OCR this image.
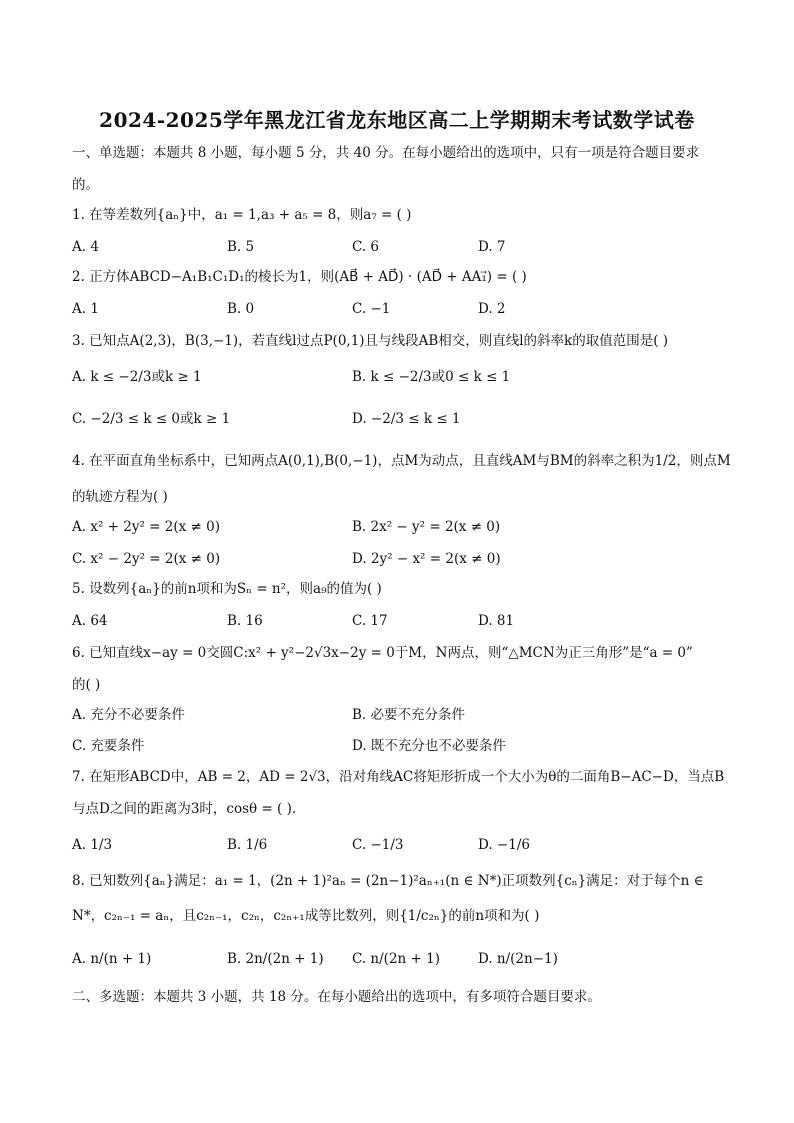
2024-2025学年黑龙江省龙东地区高二上学期期末考试数学试卷
一、单选题：本题共 8 小题，每小题 5 分，共 40 分。在每小题给出的选项中，只有一项是符合题目要求
的。
1. 在等差数列{aₙ}中，a₁ = 1,a₃ + a₅ = 8，则a₇ = ( )
A. 4	B. 5	C. 6	D. 7
2. 正方体ABCD−A₁B₁C₁D₁的棱长为1，则(AB⃗ + AD⃗) · (AD⃗ + AA₁⃗) = ( )
A. 1	B. 0	C. −1	D. 2
3. 已知点A(2,3)，B(3,−1)，若直线l过点P(0,1)且与线段AB相交，则直线l的斜率k的取值范围是( )
A. k ≤ −2/3或k ≥ 1	B. k ≤ −2/3或0 ≤ k ≤ 1
C. −2/3 ≤ k ≤ 0或k ≥ 1	D. −2/3 ≤ k ≤ 1
4. 在平面直角坐标系中，已知两点A(0,1),B(0,−1)，点M为动点，且直线AM与BM的斜率之积为1/2，则点M
的轨迹方程为( )
A. x² + 2y² = 2(x ≠ 0)	B. 2x² − y² = 2(x ≠ 0)
C. x² − 2y² = 2(x ≠ 0)	D. 2y² − x² = 2(x ≠ 0)
5. 设数列{aₙ}的前n项和为Sₙ = n²，则a₉的值为( )
A. 64	B. 16	C. 17	D. 81
6. 已知直线x−ay = 0交圆C:x² + y²−2√3x−2y = 0于M，N两点，则“△MCN为正三角形”是“a = 0”
的( )
A. 充分不必要条件	B. 必要不充分条件
C. 充要条件	D. 既不充分也不必要条件
7. 在矩形ABCD中，AB = 2，AD = 2√3，沿对角线AC将矩形折成一个大小为θ的二面角B−AC−D，当点B
与点D之间的距离为3时，cosθ = ( ).
A. 1/3	B. 1/6	C. −1/3	D. −1/6
8. 已知数列{aₙ}满足：a₁ = 1，(2n + 1)²aₙ = (2n−1)²aₙ₊₁(n ∈ N*)正项数列{cₙ}满足：对于每个n ∈
N*，c₂ₙ₋₁ = aₙ，且c₂ₙ₋₁，c₂ₙ，c₂ₙ₊₁成等比数列，则{1/c₂ₙ}的前n项和为( )
A. n/(n + 1)	B. 2n/(2n + 1) C. n/(2n + 1)	D. n/(2n−1)
二、多选题：本题共 3 小题，共 18 分。在每小题给出的选项中，有多项符合题目要求。
